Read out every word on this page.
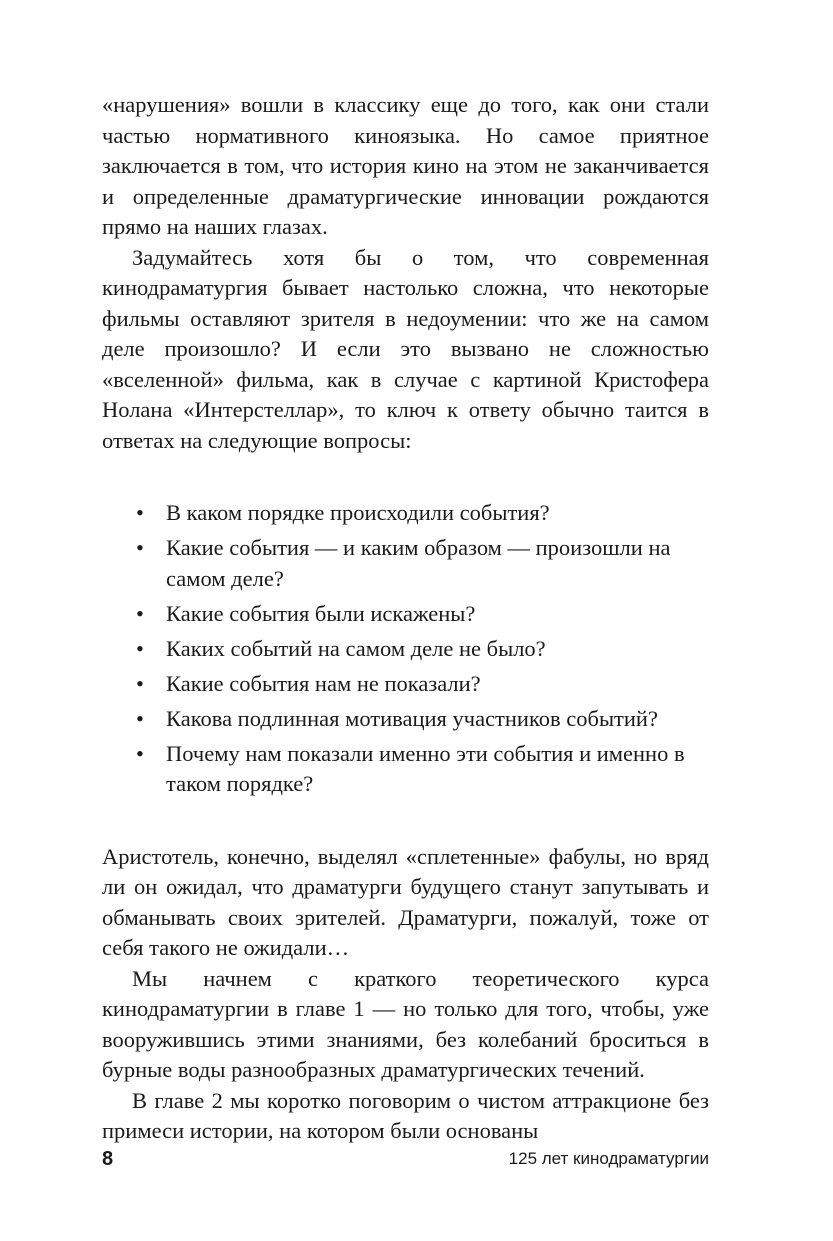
«нарушения» вошли в классику еще до того, как они стали частью нормативного киноязыка. Но самое приятное заключается в том, что история кино на этом не заканчивается и определенные драматургические инновации рождаются прямо на наших глазах.

Задумайтесь хотя бы о том, что современная кинодраматургия бывает настолько сложна, что некоторые фильмы оставляют зрителя в недоумении: что же на самом деле произошло? И если это вызвано не сложностью «вселенной» фильма, как в случае с картиной Кристофера Нолана «Интерстеллар», то ключ к ответу обычно таится в ответах на следующие вопросы:

• В каком порядке происходили события?
• Какие события — и каким образом — произошли на самом деле?
• Какие события были искажены?
• Каких событий на самом деле не было?
• Какие события нам не показали?
• Какова подлинная мотивация участников событий?
• Почему нам показали именно эти события и именно в таком порядке?

Аристотель, конечно, выделял «сплетенные» фабулы, но вряд ли он ожидал, что драматурги будущего станут запутывать и обманывать своих зрителей. Драматурги, пожалуй, тоже от себя такого не ожидали…

Мы начнем с краткого теоретического курса кинодраматургии в главе 1 — но только для того, чтобы, уже вооружившись этими знаниями, без колебаний броситься в бурные воды разнообразных драматургических течений.

В главе 2 мы коротко поговорим о чистом аттракционе без примеси истории, на котором были основаны

8	125 лет кинодраматургии
